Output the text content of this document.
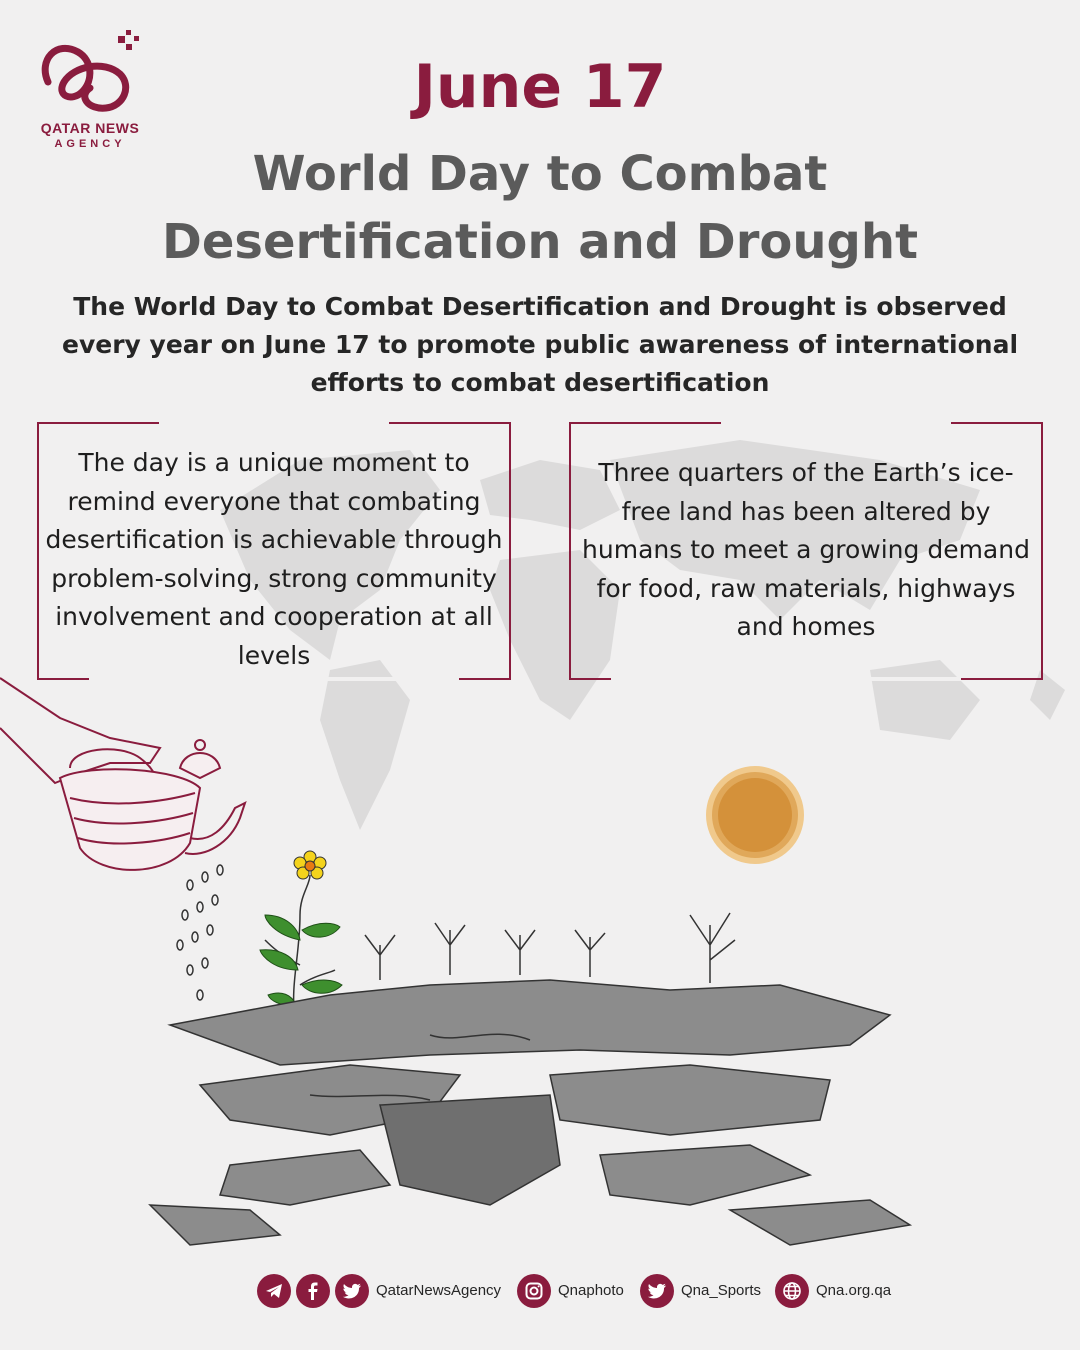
QATAR NEWS
AGENCY
June 17
World Day to Combat Desertification and Drought
The World Day to Combat Desertification and Drought is observed every year on June 17 to promote public awareness of international efforts to combat desertification
The day is a unique moment to remind everyone that combating desertification is achievable through problem-solving, strong community involvement and cooperation at all levels
Three quarters of the Earth’s ice-free land has been altered by humans to meet a growing demand for food, raw materials, highways and homes
QatarNewsAgency	Qnaphoto	Qna_Sports	Qna.org.qa
